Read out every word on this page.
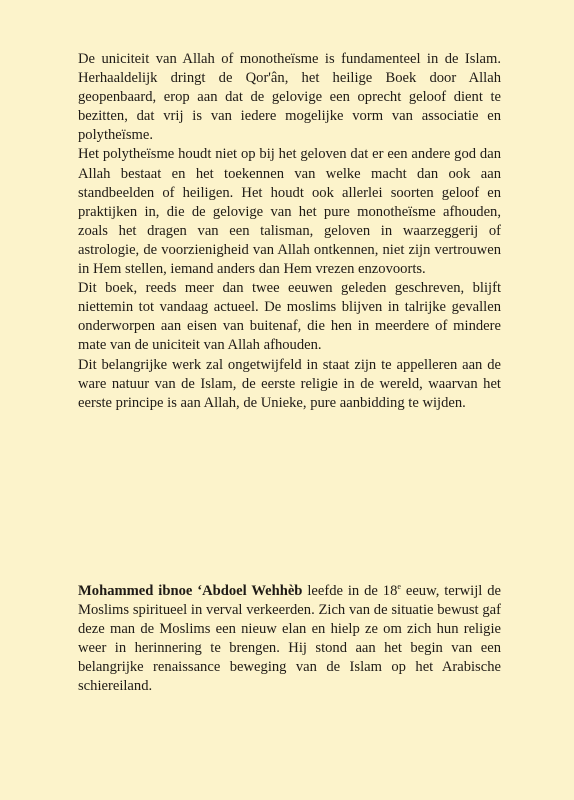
De uniciteit van Allah of monotheïsme is fundamenteel in de Islam. Herhaaldelijk dringt de Qor'ân, het heilige Boek door Allah geopenbaard, erop aan dat de gelovige een oprecht geloof dient te bezitten, dat vrij is van iedere mogelijke vorm van associatie en polytheïsme.

Het polytheïsme houdt niet op bij het geloven dat er een andere god dan Allah bestaat en het toekennen van welke macht dan ook aan standbeelden of heiligen. Het houdt ook allerlei soorten geloof en praktijken in, die de gelovige van het pure monotheïsme afhouden, zoals het dragen van een talisman, geloven in waarzeggerij of astrologie, de voorzienigheid van Allah ontkennen, niet zijn vertrouwen in Hem stellen, iemand anders dan Hem vrezen enzovoorts.

Dit boek, reeds meer dan twee eeuwen geleden geschreven, blijft niettemin tot vandaag actueel. De moslims blijven in talrijke gevallen onderworpen aan eisen van buitenaf, die hen in meerdere of mindere mate van de uniciteit van Allah afhouden.

Dit belangrijke werk zal ongetwijfeld in staat zijn te appelleren aan de ware natuur van de Islam, de eerste religie in de wereld, waarvan het eerste principe is aan Allah, de Unieke, pure aanbidding te wijden.

Mohammed ibnoe ‘Abdoel Wehhèb leefde in de 18e eeuw, terwijl de Moslims spiritueel in verval verkeerden. Zich van de situatie bewust gaf deze man de Moslims een nieuw elan en hielp ze om zich hun religie weer in herinnering te brengen. Hij stond aan het begin van een belangrijke renaissance beweging van de Islam op het Arabische schiereiland.
